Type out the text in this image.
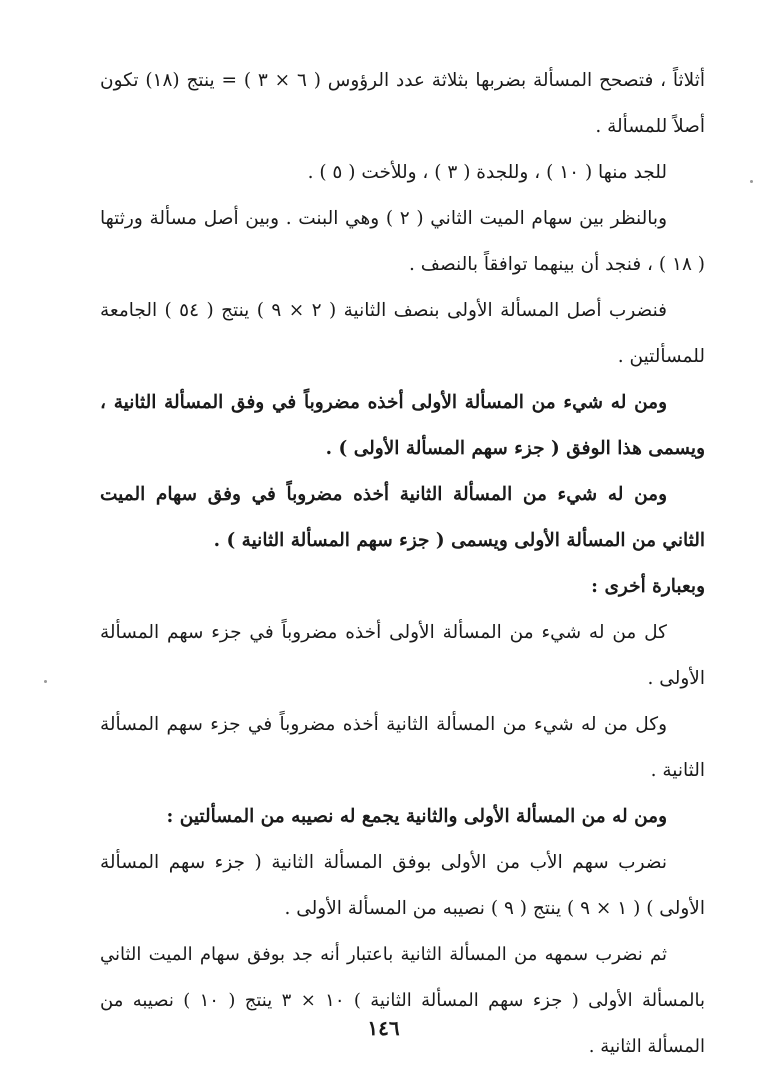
أثلاثاً ، فتصحح المسألة بضربها بثلاثة عدد الرؤوس ( ٦ × ٣ ) = ينتج (١٨) تكون أصلاً للمسألة .

للجد منها ( ١٠ ) ، وللجدة ( ٣ ) ، وللأخت ( ٥ ) .

وبالنظر بين سهام الميت الثاني ( ٢ ) وهي البنت . وبين أصل مسألة ورثتها ( ١٨ ) ، فنجد أن بينهما توافقاً بالنصف .

فنضرب أصل المسألة الأولى بنصف الثانية ( ٢ × ٩ ) ينتج ( ٥٤ ) الجامعة للمسألتين .

ومن له شيء من المسألة الأولى أخذه مضروباً في وفق المسألة الثانية ، ويسمى هذا الوفق ( جزء سهم المسألة الأولى ) .

ومن له شيء من المسألة الثانية أخذه مضروباً في وفق سهام الميت الثاني من المسألة الأولى ويسمى ( جزء سهم المسألة الثانية ) .

وبعبارة أخرى :

كل من له شيء من المسألة الأولى أخذه مضروباً في جزء سهم المسألة الأولى .

وكل من له شيء من المسألة الثانية أخذه مضروباً في جزء سهم المسألة الثانية .

ومن له من المسألة الأولى والثانية يجمع له نصيبه من المسألتين :

نضرب سهم الأب من الأولى بوفق المسألة الثانية ( جزء سهم المسألة الأولى ) ( ١ × ٩ ) ينتج ( ٩ ) نصيبه من المسألة الأولى .

ثم نضرب سمهه من المسألة الثانية باعتبار أنه جد بوفق سهام الميت الثاني بالمسألة الأولى ( جزء سهم المسألة الثانية ) ١٠ × ٣ ينتج ( ١٠ ) نصيبه من المسألة الثانية .

١٤٦
